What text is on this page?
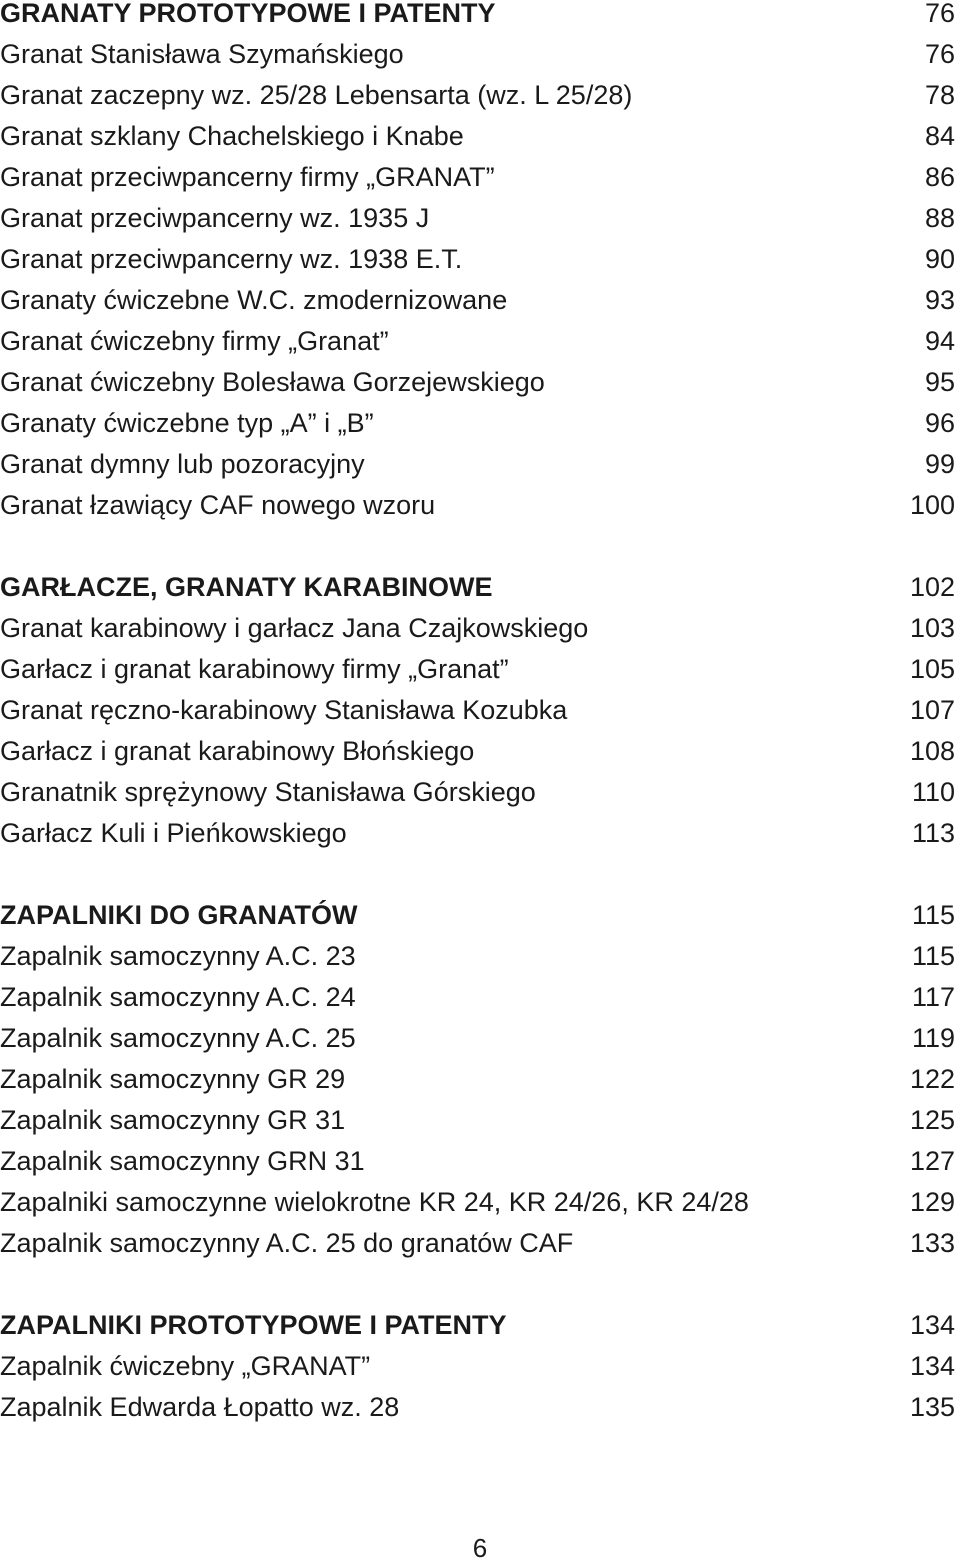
GRANATY PROTOTYPOWE I PATENTY	76
Granat Stanisława Szymańskiego	76
Granat zaczepny wz. 25/28 Lebensarta (wz. L 25/28)	78
Granat szklany Chachelskiego i Knabe	84
Granat przeciwpancerny firmy „GRANAT”	86
Granat przeciwpancerny wz. 1935 J	88
Granat przeciwpancerny wz. 1938 E.T.	90
Granaty ćwiczebne W.C. zmodernizowane	93
Granat ćwiczebny firmy „Granat”	94
Granat ćwiczebny Bolesława Gorzejewskiego	95
Granaty ćwiczebne typ „A” i „B”	96
Granat dymny lub pozoracyjny	99
Granat łzawiący CAF nowego wzoru	100
GARŁACZE, GRANATY KARABINOWE	102
Granat karabinowy i garłacz Jana Czajkowskiego	103
Garłacz i granat karabinowy firmy „Granat”	105
Granat ręczno-karabinowy Stanisława Kozubka	107
Garłacz i granat karabinowy Błońskiego	108
Granatnik sprężynowy Stanisława Górskiego	110
Garłacz Kuli i Pieńkowskiego	113
ZAPALNIKI DO GRANATÓW	115
Zapalnik samoczynny A.C. 23	115
Zapalnik samoczynny A.C. 24	117
Zapalnik samoczynny A.C. 25	119
Zapalnik samoczynny GR 29	122
Zapalnik samoczynny GR 31	125
Zapalnik samoczynny GRN 31	127
Zapalniki samoczynne wielokrotne KR 24, KR 24/26, KR 24/28	129
Zapalnik samoczynny A.C. 25 do granatów CAF	133
ZAPALNIKI PROTOTYPOWE I PATENTY	134
Zapalnik ćwiczebny „GRANAT”	134
Zapalnik Edwarda Łopatto wz. 28	135
6
